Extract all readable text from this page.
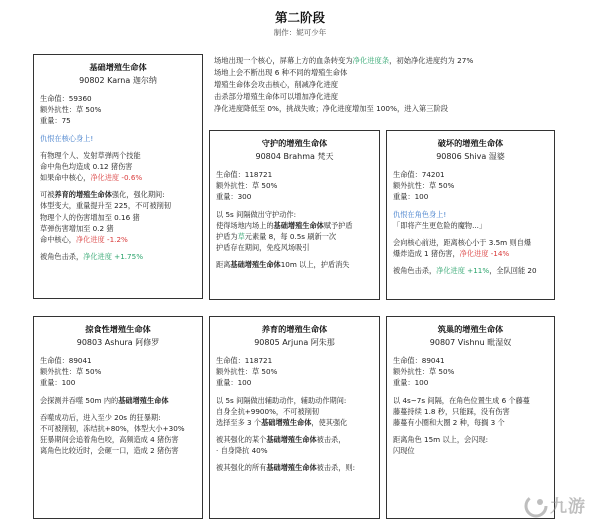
第二阶段
制作：妮可少年

场地出现一个核心，屏幕上方的血条转变为净化进度条，初始净化进度约为 27%

场地上会不断出现 6 种不同的增殖生命体

增殖生命体会攻击核心，削减净化进度

击杀部分增殖生命体可以增加净化进度

净化进度降低至 0%，挑战失败；净化进度增加至 100%，进入第三阶段

基础增殖生命体
90802 Karna 迦尔纳

生命值：59360

额外抗性：草 50%

重量：75

仇恨在核心身上!

有物理个人、发射草弹两个技能

命中角色均造成 0.12 猪伤害

如果命中核心，净化进度 -0.6%

可被养育的增殖生命体强化，强化期间:

体型变大，重量提升至 225，不可被削韧

物理个人的伤害增加至 0.16 猪

草弹伤害增加至 0.2 猪

命中核心，净化进度 -1.2%

被角色击杀，净化进度 +1.75%

守护的增殖生命体
90804 Brahma 梵天

生命值：118721

额外抗性：草 50%

重量：300

以 5s 间隔做出守护动作:

使得场地内场上的基础增殖生命体赋予护盾

护盾为草元素量 8，每 0.5s 刷新一次

护盾存在期间，免疫风场吸引

距离基础增殖生命体10m 以上，护盾消失

破坏的增殖生命体
90806 Shiva 湿婆

生命值：74201

额外抗性：草 50%

重量：100

仇恨在角色身上!

「即将产生更危险的魔物...」

会向核心前进，距离核心小于 3.5m 则自爆

爆炸造成 1 猪伤害，净化进度 -14%

被角色击杀，净化进度 +11%，全队回能 20

掠食性增殖生命体
90803 Ashura 阿修罗

生命值：89041

额外抗性：草 50%

重量：100

会探测并吞噬 50m 内的基础增殖生命体

吞噬成功后，进入至少 20s 的狂暴期:

不可被削韧，冻结抗+80%，体型大小+30%

狂暴期间会追着角色咬，高频造成 4 猪伤害

离角色比较近时，会砸一口，造成 2 猪伤害

养育的增殖生命体
90805 Arjuna 阿朱那

生命值：118721

额外抗性：草 50%

重量：100

以 5s 间隔做出辅助动作，辅助动作期间:

自身全抗+9900%，不可被削韧

选择至多 3 个基础增殖生命体，使其强化

被其强化的某个基础增殖生命体被击杀，

· 自身降抗 40%

被其强化的所有基础增殖生命体被击杀，则:

筑巢的增殖生命体
90807 Vishnu 毗湿奴

生命值：89041

额外抗性：草 50%

重量：100

以 4s~7s 间隔，在角色位置生成 6 个藤蔓

藤蔓持续 1.8 秒，只能踩，没有伤害

藤蔓有小圈和大圈 2 种，每搁 3 个

距离角色 15m 以上，会闪现:

闪现位

九游
